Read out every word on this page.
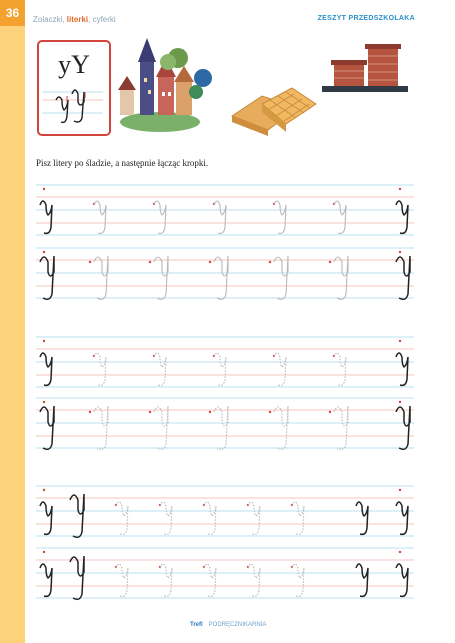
36	Zolaczki, literki, cyferki	ZESZYT PRZEDSZKOLAKA
yY
Pisz litery po śladzie, a następnie łącząc kropki.
Trefl PODRĘCZNIKARNIA
